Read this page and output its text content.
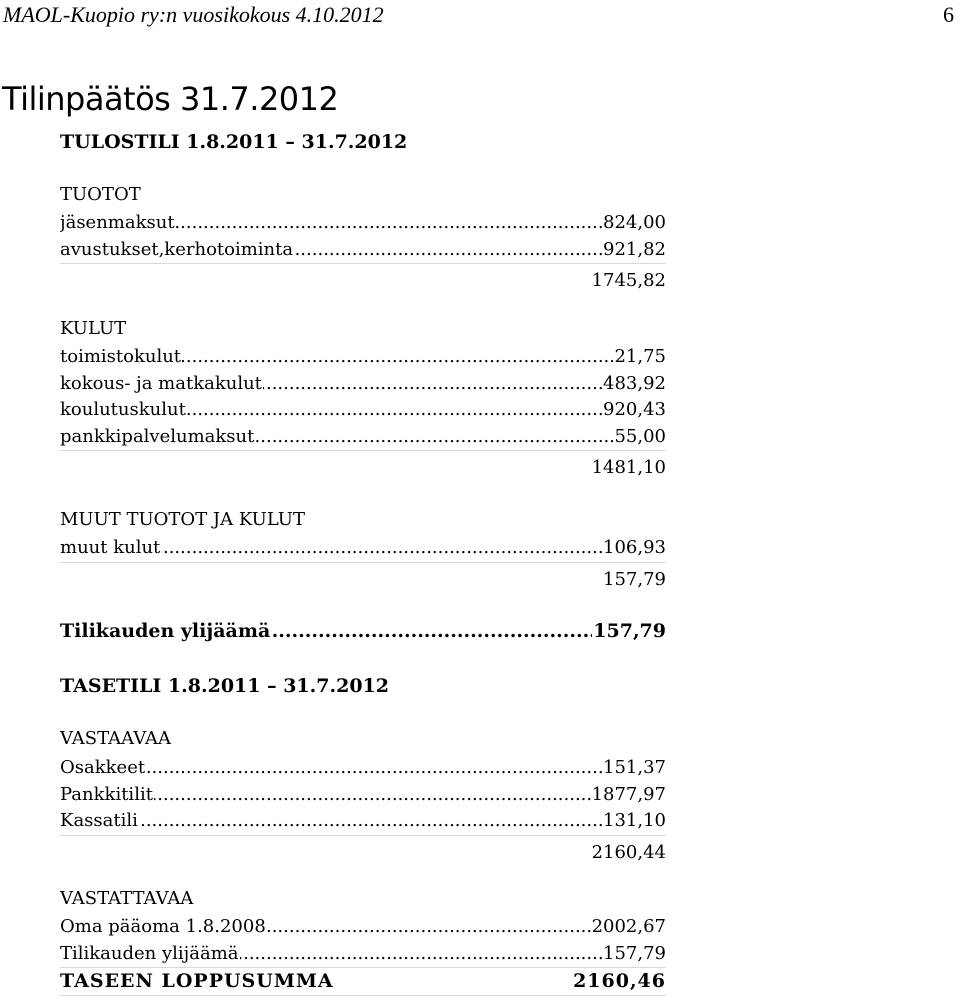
MAOL-Kuopio ry:n vuosikokous 4.10.2012	6
Tilinpäätös 31.7.2012
TULOSTILI 1.8.2011 – 31.7.2012
TUOTOT
.....
jäsenmaksut	824,00
.....
avustukset,kerhotoiminta	921,82
1745,82
KULUT
.....
toimistokulut	21,75
.....
kokous- ja matkakulut	483,92
.....
koulutuskulut	920,43
.....
pankkipalvelumaksut	55,00
1481,10
MUUT TUOTOT JA KULUT
.....
muut kulut	106,93
157,79
.....
Tilikauden ylijäämä	157,79
TASETILI 1.8.2011 – 31.7.2012
VASTAAVAA
.....
Osakkeet	151,37
.....
Pankkitilit	1877,97
.....
Kassatili	131,10
2160,44
VASTATTAVAA
.....
Oma pääoma 1.8.2008	2002,67
.....
Tilikauden ylijäämä	157,79
TASEEN LOPPUSUMMA	2160,46
